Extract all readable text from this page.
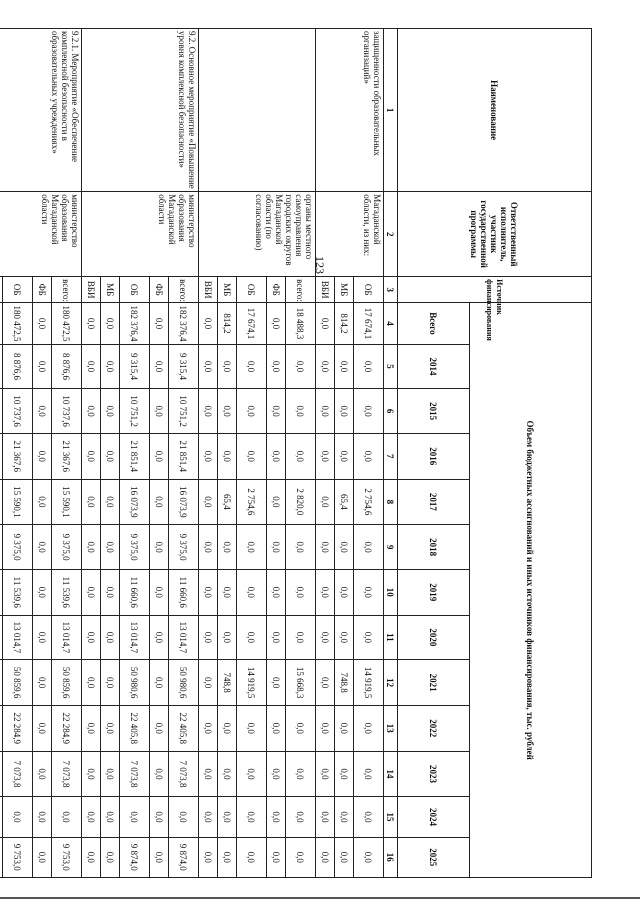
123
Наименование	Ответственный исполнитель, участник государственной программы	Источник финансирования	Объем бюджетных ассигнований и иных источников финансирования, тыс. рублей												
			Всего	2014	2015	2016	2017	2018	2019	2020	2021	2022	2023	2024	2025
1	2	3	4	5	6	7	8	9	10	11	12	13	14	15	16
защищенности образовательных организаций»	Магаданской области, из них:	ОБ	17 674,1	0,0	0,0	0,0	2 754,6	0,0	0,0	0,0	14 919,5	0,0	0,0	0,0	0,0
		МБ	814,2	0,0	0,0	0,0	65,4	0,0	0,0	0,0	748,8	0,0	0,0	0,0	0,0
		ВБИ	0,0	0,0	0,0	0,0	0,0	0,0	0,0	0,0	0,0	0,0	0,0	0,0	0,0
	органы местного самоуправления городских округов Магаданской области (по согласованию)	всего:	18 488,3	0,0	0,0	0,0	2 820,0	0,0	0,0	0,0	15 668,3	0,0	0,0	0,0	0,0
		ФБ	0,0	0,0	0,0	0,0	0,0	0,0	0,0	0,0	0,0	0,0	0,0	0,0	0,0
		ОБ	17 674,1	0,0	0,0	0,0	2 754,6	0,0	0,0	0,0	14 919,5	0,0	0,0	0,0	0,0
		МБ	814,2	0,0	0,0	0,0	65,4	0,0	0,0	0,0	748,8	0,0	0,0	0,0	0,0
		ВБИ	0,0	0,0	0,0	0,0	0,0	0,0	0,0	0,0	0,0	0,0	0,0	0,0	0,0
9.2. Основное мероприятие «Повышение уровня комплексной безопасности»	министерство образования Магаданской области	всего:	182 376,4	9 315,4	10 751,2	21 851,4	16 073,9	9 375,0	11 660,6	13 014,7	50 980,6	22 405,8	7 073,8	0,0	9 874,0
		ФБ	0,0	0,0	0,0	0,0	0,0	0,0	0,0	0,0	0,0	0,0	0,0	0,0	0,0
		ОБ	182 376,4	9 315,4	10 751,2	21 851,4	16 073,9	9 375,0	11 660,6	13 014,7	50 980,6	22 405,8	7 073,8	0,0	9 874,0
		МБ	0,0	0,0	0,0	0,0	0,0	0,0	0,0	0,0	0,0	0,0	0,0	0,0	0,0
		ВБИ	0,0	0,0	0,0	0,0	0,0	0,0	0,0	0,0	0,0	0,0	0,0	0,0	0,0
9.2.1. Мероприятие «Обеспечение комплексной безопасности в образовательных учреждениях»	министерство образования Магаданской области	всего:	180 472,5	8 876,6	10 737,6	21 367,6	15 590,1	9 375,0	11 539,6	13 014,7	50 859,6	22 284,9	7 073,8	0,0	9 753,0
		ФБ	0,0	0,0	0,0	0,0	0,0	0,0	0,0	0,0	0,0	0,0	0,0	0,0	0,0
		ОБ	180 472,5	8 876,6	10 737,6	21 367,6	15 590,1	9 375,0	11 539,6	13 014,7	50 859,6	22 284,9	7 073,8	0,0	9 753,0
